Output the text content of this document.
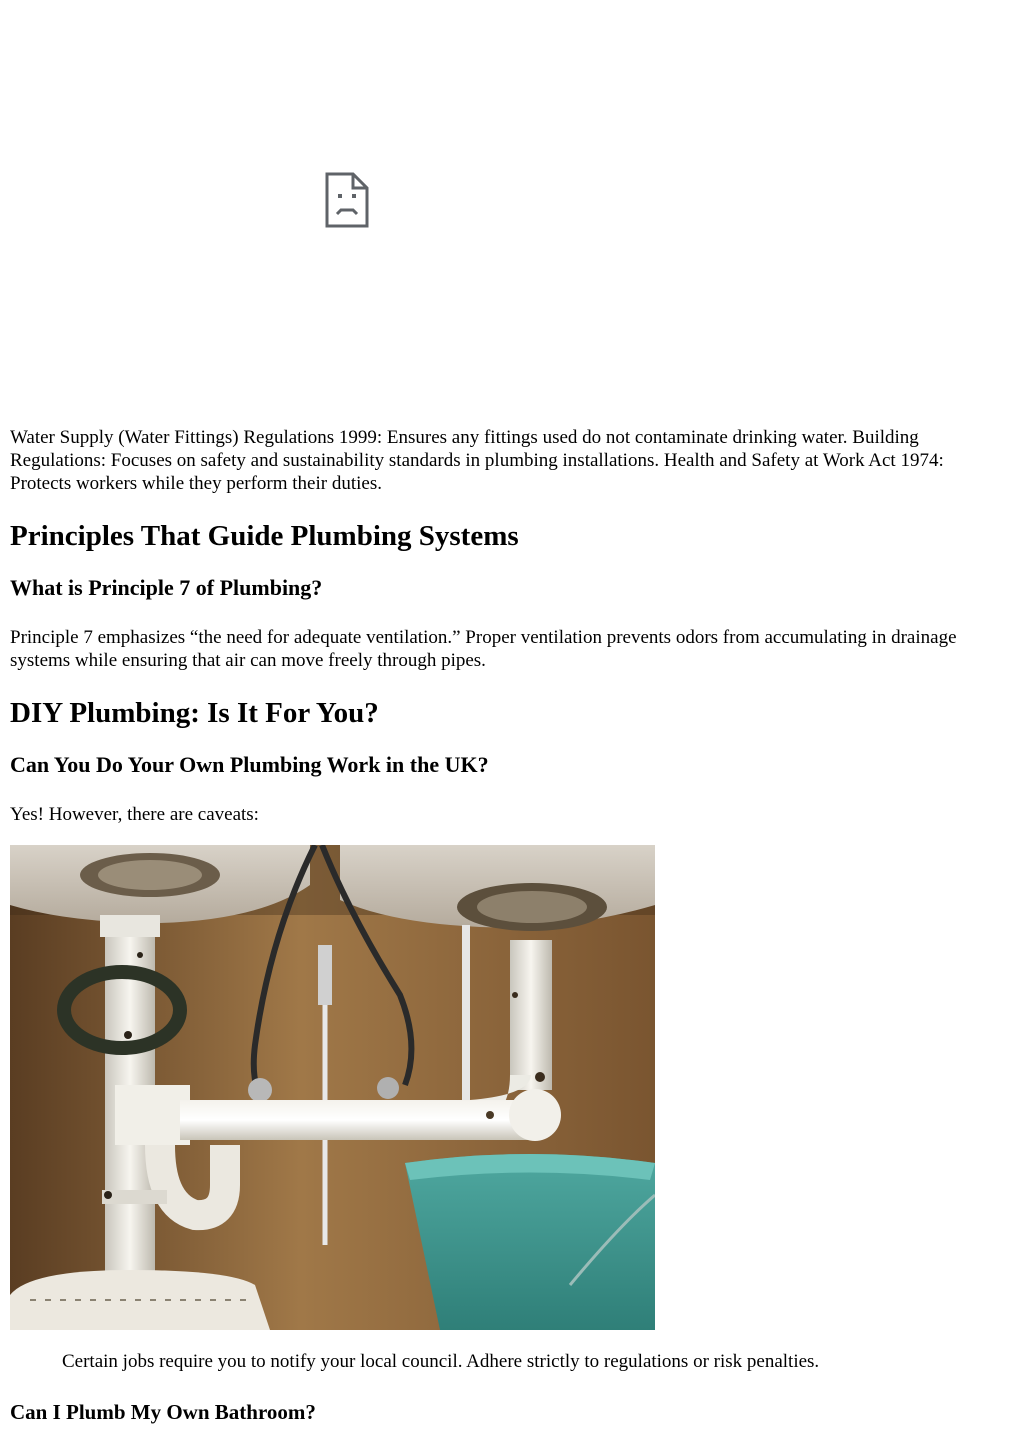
Water Supply (Water Fittings) Regulations 1999: Ensures any fittings used do not contaminate drinking water. Building Regulations: Focuses on safety and sustainability standards in plumbing installations. Health and Safety at Work Act 1974: Protects workers while they perform their duties.

Principles That Guide Plumbing Systems
What is Principle 7 of Plumbing?

Principle 7 emphasizes “the need for adequate ventilation.” Proper ventilation prevents odors from accumulating in drainage systems while ensuring that air can move freely through pipes.

DIY Plumbing: Is It For You?
Can You Do Your Own Plumbing Work in the UK?

Yes! However, there are caveats:

Certain jobs require you to notify your local council. Adhere strictly to regulations or risk penalties.

Can I Plumb My Own Bathroom?
